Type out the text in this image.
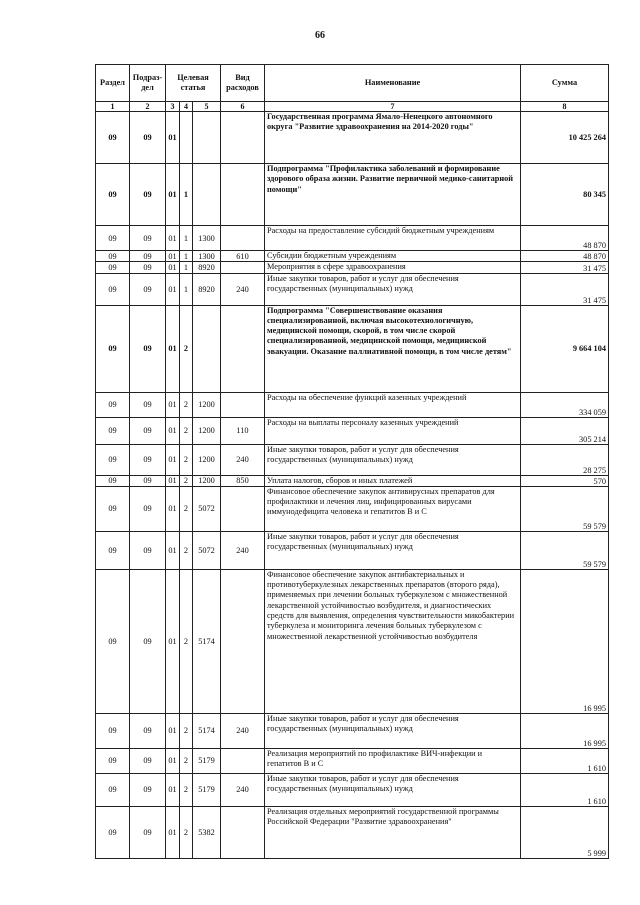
66
Раздел	Подраз-дел	Целевая статья			Вид расходов	Наименование	Сумма
1	2	3	4	5	6	7	8
09	09	01				Государственная программа Ямало-Ненецкого автономного округа "Развитие здравоохранения на 2014-2020 годы"	10 425 264
09	09	01	1			Подпрограмма "Профилактика заболеваний и формирование здорового образа жизни. Развитие первичной медико-санитарной помощи"	80 345
09	09	01	1	1300		Расходы на предоставление субсидий бюджетным учреждениям	48 870
09	09	01	1	1300	610	Субсидии бюджетным учреждениям	48 870
09	09	01	1	8920		Мероприятия в сфере здравоохранения	31 475
09	09	01	1	8920	240	Иные закупки товаров, работ и услуг для обеспечения государственных (муниципальных) нужд	31 475
09	09	01	2			Подпрограмма "Совершенствование оказания специализированной, включая высокотехнологичную, медицинской помощи, скорой, в том числе скорой специализированной, медицинской помощи, медицинской эвакуации. Оказание паллиативной помощи, в том числе детям"	9 664 104
09	09	01	2	1200		Расходы на обеспечение функций казенных учреждений	334 059
09	09	01	2	1200	110	Расходы на выплаты персоналу казенных учреждений	305 214
09	09	01	2	1200	240	Иные закупки товаров, работ и услуг для обеспечения государственных (муниципальных) нужд	28 275
09	09	01	2	1200	850	Уплата налогов, сборов и иных платежей	570
09	09	01	2	5072		Финансовое обеспечение закупок антивирусных препаратов для профилактики и лечения лиц, инфицированных вирусами иммунодефицита человека и гепатитов B и C	59 579
09	09	01	2	5072	240	Иные закупки товаров, работ и услуг для обеспечения государственных (муниципальных) нужд	59 579
09	09	01	2	5174		Финансовое обеспечение закупок антибактериальных и противотуберкулезных лекарственных препаратов (второго ряда), применяемых при лечении больных туберкулезом с множественной лекарственной устойчивостью возбудителя, и диагностических средств для выявления, определения чувствительности микобактерии туберкулеза и мониторинга лечения больных туберкулезом с множественной лекарственной устойчивостью возбудителя	16 995
09	09	01	2	5174	240	Иные закупки товаров, работ и услуг для обеспечения государственных (муниципальных) нужд	16 995
09	09	01	2	5179		Реализация мероприятий по профилактике ВИЧ-инфекции и гепатитов B и C	1 610
09	09	01	2	5179	240	Иные закупки товаров, работ и услуг для обеспечения государственных (муниципальных) нужд	1 610
09	09	01	2	5382		Реализация отдельных мероприятий государственной программы Российской Федерации "Развитие здравоохранения"	5 999
